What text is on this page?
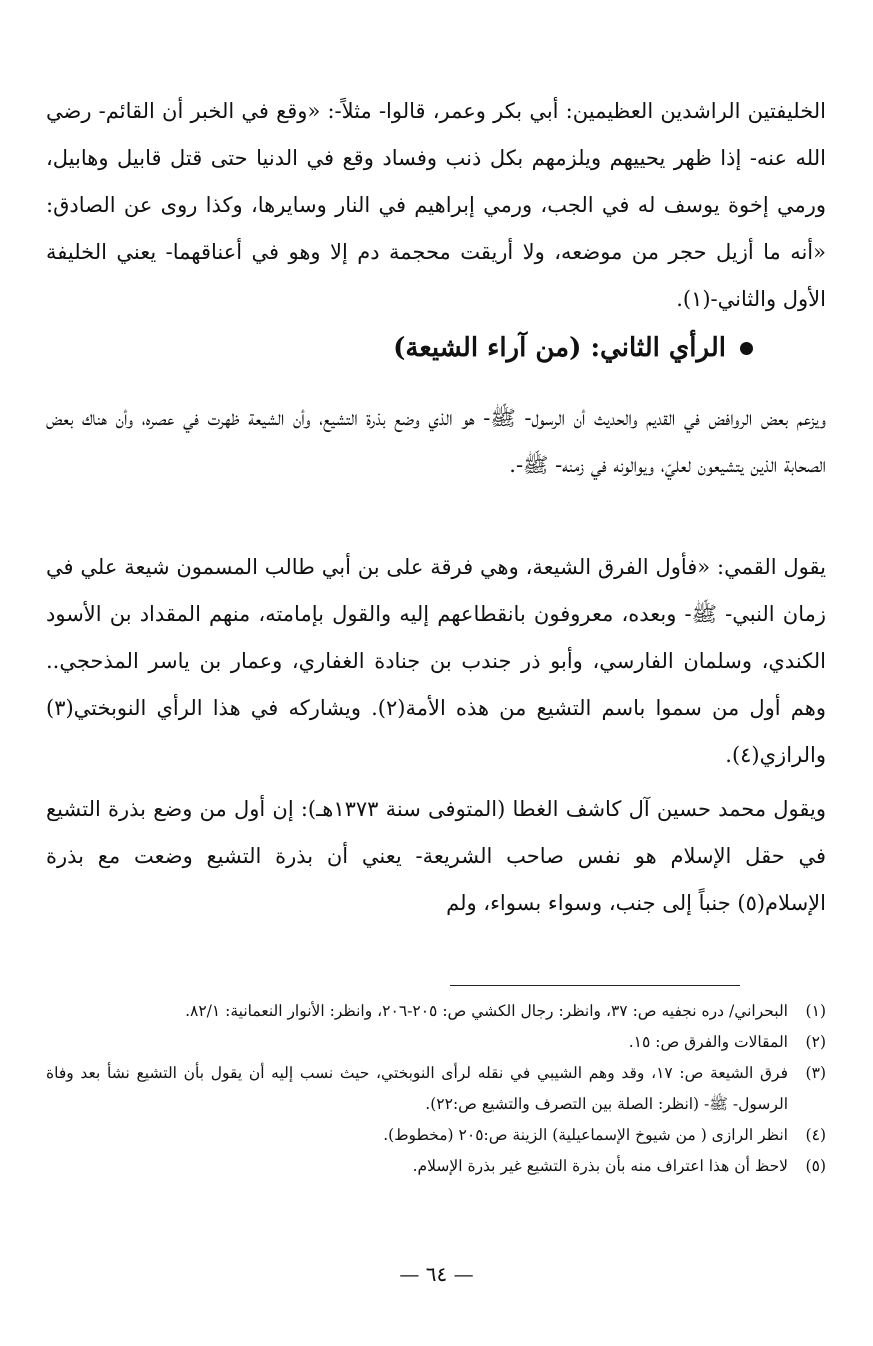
الخليفتين الراشدين العظيمين: أبي بكر وعمر، قالوا- مثلاً-: «وقع في الخبر أن القائم- رضي الله عنه- إذا ظهر يحييهم ويلزمهم بكل ذنب وفساد وقع في الدنيا حتى قتل قابيل وهابيل، ورمي إخوة يوسف له في الجب، ورمي إبراهيم في النار وسايرها، وكذا روى عن الصادق: «أنه ما أزيل حجر من موضعه، ولا أريقت محجمة دم إلا وهو في أعناقهما- يعني الخليفة الأول والثاني-(١).

الرأي الثاني: (من آراء الشيعة)

ويزعم بعض الروافض في القديم والحديث أن الرسول- ﷺ- هو الذي وضع بذرة التشيع، وأن الشيعة ظهرت في عصره، وأن هناك بعض الصحابة الذين يتشيعون لعليّ، ويوالونه في زمنه- ﷺ-.

يقول القمي: «فأول الفرق الشيعة، وهي فرقة على بن أبي طالب المسمون شيعة علي في زمان النبي- ﷺ- وبعده، معروفون بانقطاعهم إليه والقول بإمامته، منهم المقداد بن الأسود الكندي، وسلمان الفارسي، وأبو ذر جندب بن جنادة الغفاري، وعمار بن ياسر المذحجي.. وهم أول من سموا باسم التشيع من هذه الأمة(٢). ويشاركه في هذا الرأي النوبختي(٣) والرازي(٤).

ويقول محمد حسين آل كاشف الغطا (المتوفى سنة ١٣٧٣هـ): إن أول من وضع بذرة التشيع في حقل الإسلام هو نفس صاحب الشريعة- يعني أن بذرة التشيع وضعت مع بذرة الإسلام(٥) جنباً إلى جنب، وسواء بسواء، ولم

(١)
البحراني/ دره نجفيه ص: ٣٧، وانظر: رجال الكشي ص: ٢٠٥-٢٠٦، وانظر: الأنوار النعمانية: ٨٢/١.
(٢)
المقالات والفرق ص: ١٥.
(٣)
فرق الشيعة ص: ١٧، وقد وهم الشيبي في نقله لرأى النوبختي، حيث نسب إليه أن يقول بأن التشيع نشأ بعد وفاة الرسول- ﷺ- (انظر: الصلة بين التصرف والتشيع ص:٢٢).
(٤)
انظر الرازى ( من شيوخ الإسماعيلية) الزينة ص:٢٠٥ (مخطوط).
(٥)
لاحظ أن هذا اعتراف منه بأن بذرة التشيع غير بذرة الإسلام.
— ٦٤ —
